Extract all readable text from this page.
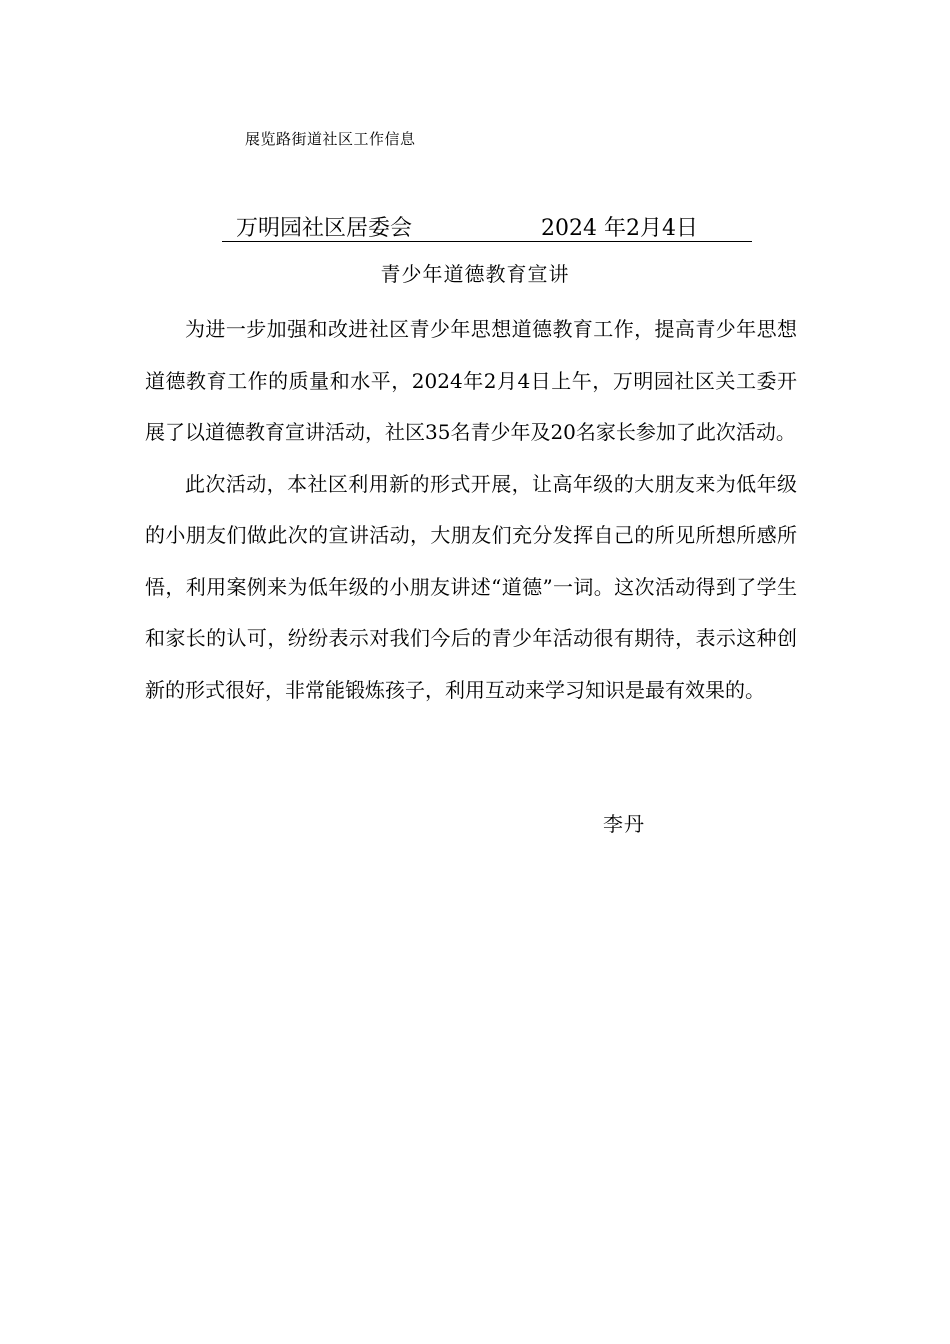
展览路街道社区工作信息
万明园社区居委会	2024 年2月4日
青少年道德教育宣讲

为进一步加强和改进社区青少年思想道德教育工作，提高青少年思想道德教育工作的质量和水平，2024年2月4日上午，万明园社区关工委开展了以道德教育宣讲活动，社区35名青少年及20名家长参加了此次活动。

此次活动，本社区利用新的形式开展，让高年级的大朋友来为低年级的小朋友们做此次的宣讲活动，大朋友们充分发挥自己的所见所想所感所悟，利用案例来为低年级的小朋友讲述“道德”一词。这次活动得到了学生和家长的认可，纷纷表示对我们今后的青少年活动很有期待，表示这种创新的形式很好，非常能锻炼孩子，利用互动来学习知识是最有效果的。

李丹
